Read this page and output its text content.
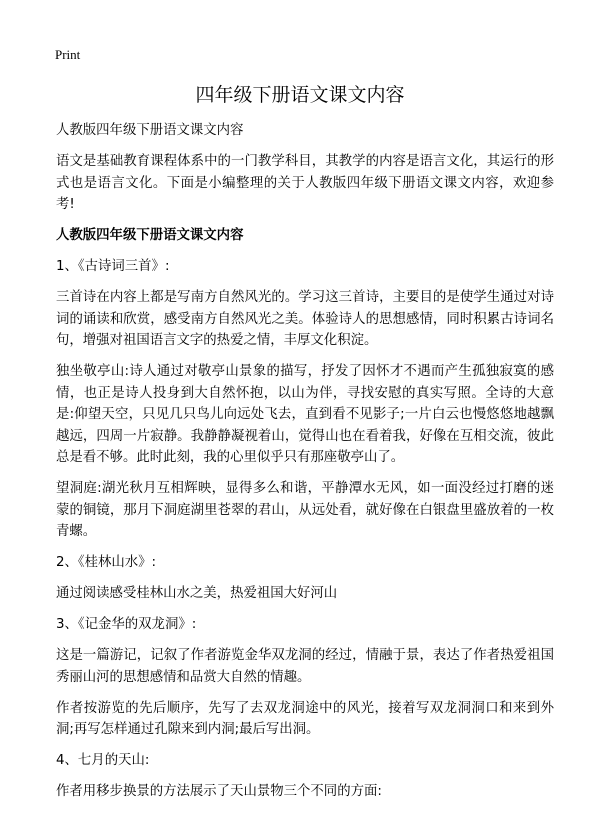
Print
四年级下册语文课文内容

人教版四年级下册语文课文内容

语文是基础教育课程体系中的一门教学科目，其教学的内容是语言文化，其运行的形式也是语言文化。下面是小编整理的关于人教版四年级下册语文课文内容，欢迎参考!

人教版四年级下册语文课文内容

1、《古诗词三首》:

三首诗在内容上都是写南方自然风光的。学习这三首诗，主要目的是使学生通过对诗词的诵读和欣赏，感受南方自然风光之美。体验诗人的思想感情，同时积累古诗词名句，增强对祖国语言文字的热爱之情，丰厚文化积淀。

独坐敬亭山:诗人通过对敬亭山景象的描写，抒发了因怀才不遇而产生孤独寂寞的感情，也正是诗人投身到大自然怀抱，以山为伴，寻找安慰的真实写照。全诗的大意是:仰望天空，只见几只鸟儿向远处飞去，直到看不见影子;一片白云也慢悠悠地越飘越远，四周一片寂静。我静静凝视着山，觉得山也在看着我，好像在互相交流，彼此总是看不够。此时此刻，我的心里似乎只有那座敬亭山了。

望洞庭:湖光秋月互相辉映，显得多么和谐，平静潭水无风，如一面没经过打磨的迷蒙的铜镜，那月下洞庭湖里苍翠的君山，从远处看，就好像在白银盘里盛放着的一枚青螺。

2、《桂林山水》:

通过阅读感受桂林山水之美，热爱祖国大好河山

3、《记金华的双龙洞》:

这是一篇游记，记叙了作者游览金华双龙洞的经过，情融于景，表达了作者热爱祖国秀丽山河的思想感情和品赏大自然的情趣。

作者按游览的先后顺序，先写了去双龙洞途中的风光，接着写双龙洞洞口和来到外洞;再写怎样通过孔隙来到内洞;最后写出洞。

4、七月的天山:

作者用移步换景的方法展示了天山景物三个不同的方面:
